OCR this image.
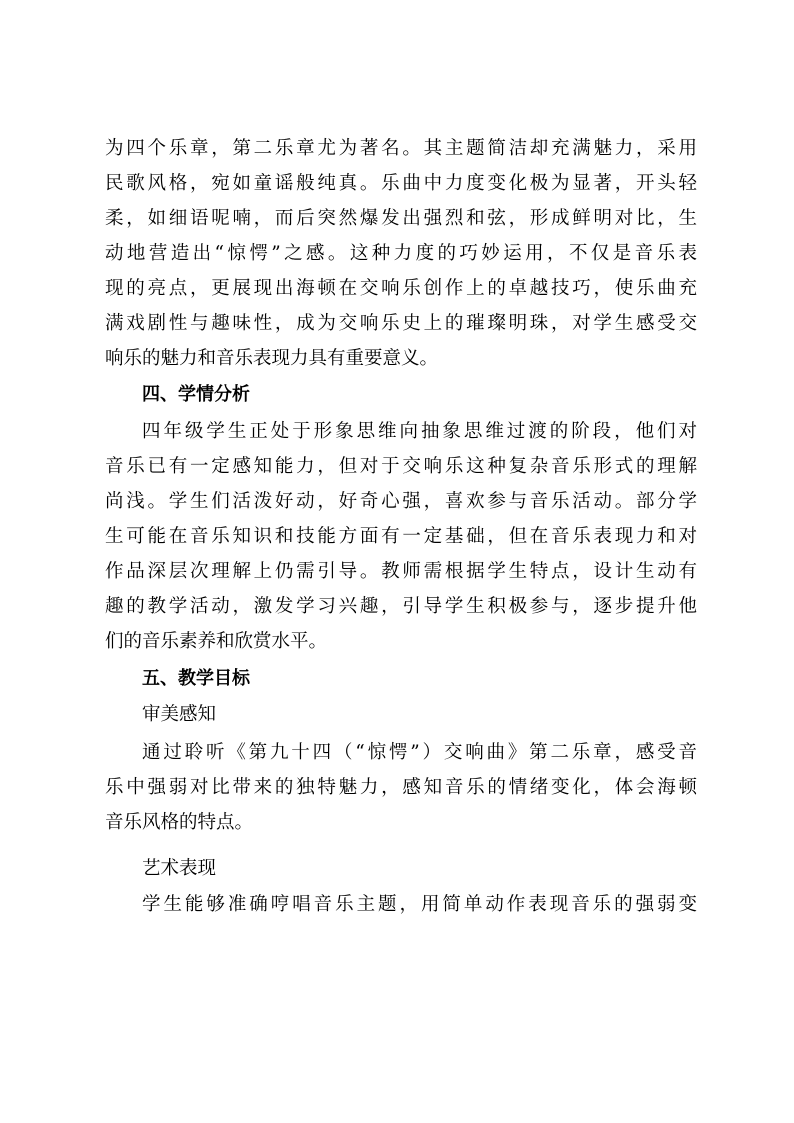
为四个乐章，第二乐章尤为著名。其主题简洁却充满魅力，采用
民歌风格，宛如童谣般纯真。乐曲中力度变化极为显著，开头轻
柔，如细语呢喃，而后突然爆发出强烈和弦，形成鲜明对比，生
动地营造出“惊愕”之感。这种力度的巧妙运用，不仅是音乐表
现的亮点，更展现出海顿在交响乐创作上的卓越技巧，使乐曲充
满戏剧性与趣味性，成为交响乐史上的璀璨明珠，对学生感受交
响乐的魅力和音乐表现力具有重要意义。
四、学情分析
四年级学生正处于形象思维向抽象思维过渡的阶段，他们对
音乐已有一定感知能力，但对于交响乐这种复杂音乐形式的理解
尚浅。学生们活泼好动，好奇心强，喜欢参与音乐活动。部分学
生可能在音乐知识和技能方面有一定基础，但在音乐表现力和对
作品深层次理解上仍需引导。教师需根据学生特点，设计生动有
趣的教学活动，激发学习兴趣，引导学生积极参与，逐步提升他
们的音乐素养和欣赏水平。
五、教学目标
审美感知
通过聆听《第九十四（“惊愕”）交响曲》第二乐章，感受音
乐中强弱对比带来的独特魅力，感知音乐的情绪变化，体会海顿
音乐风格的特点。
艺术表现
学生能够准确哼唱音乐主题，用简单动作表现音乐的强弱变
